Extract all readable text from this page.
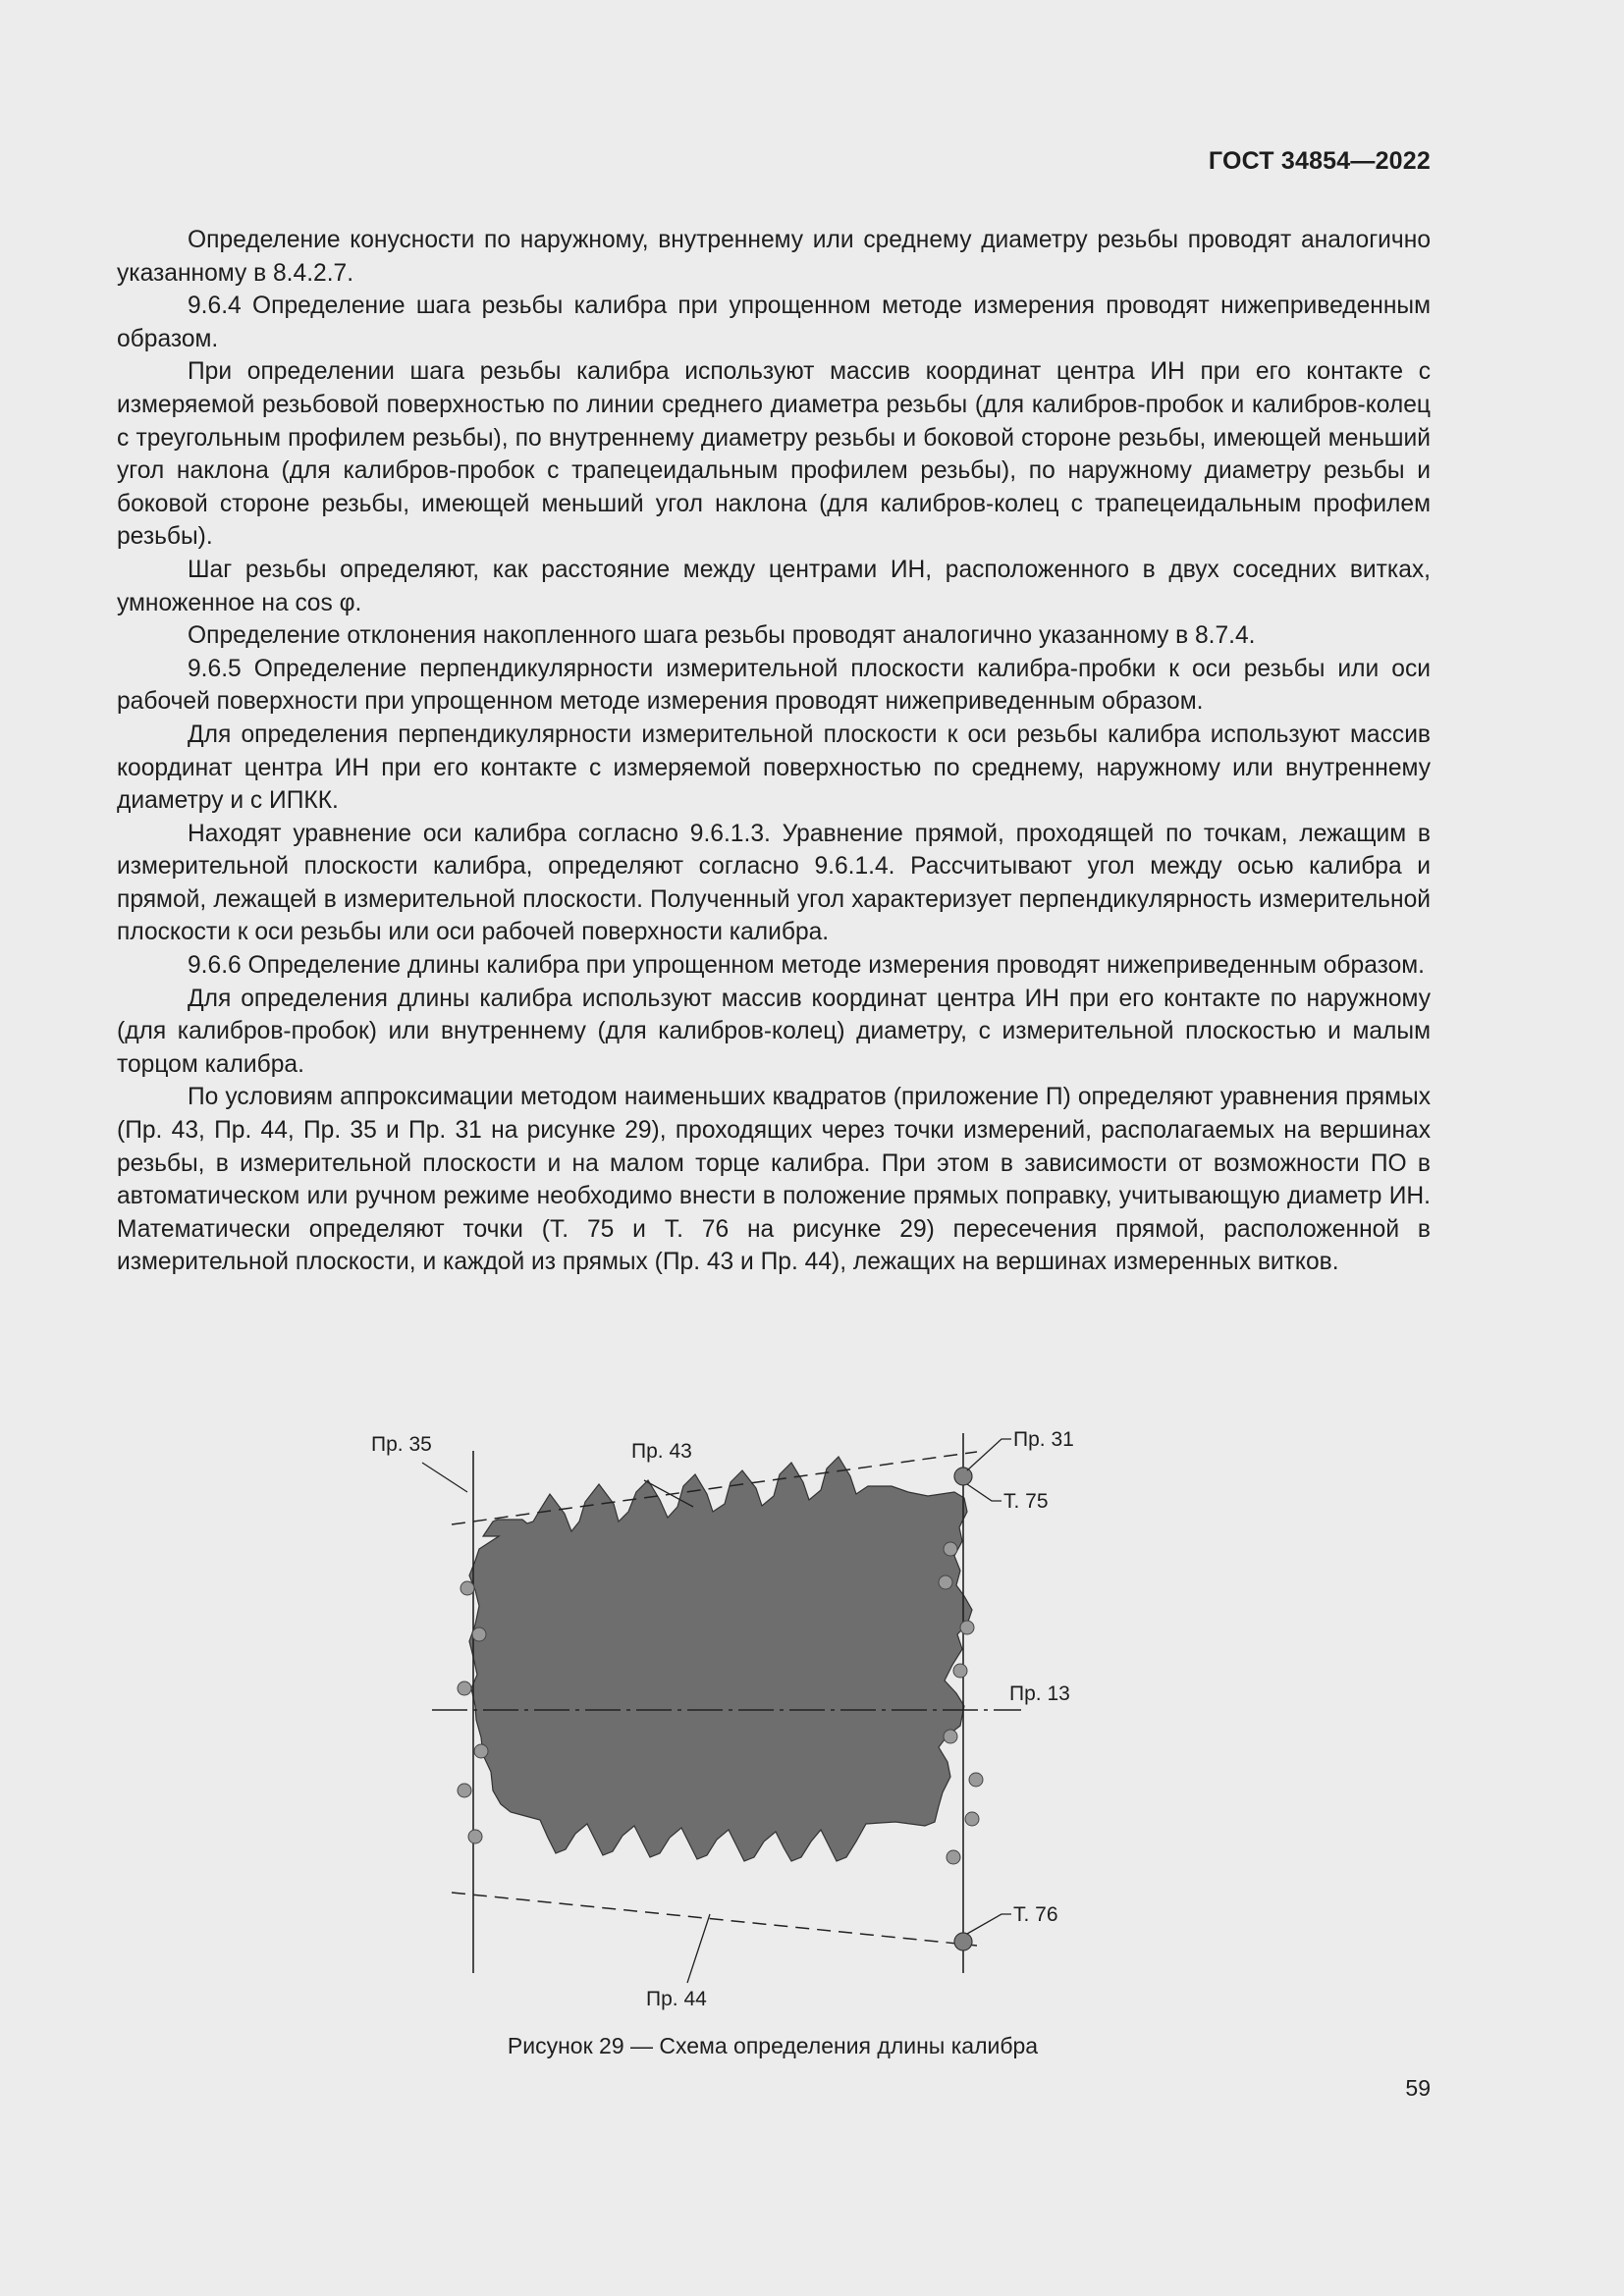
ГОСТ 34854—2022

Определение конусности по наружному, внутреннему или среднему диаметру резьбы проводят аналогично указанному в 8.4.2.7.

9.6.4 Определение шага резьбы калибра при упрощенном методе измерения проводят нижеприведенным образом.

При определении шага резьбы калибра используют массив координат центра ИН при его контакте с измеряемой резьбовой поверхностью по линии среднего диаметра резьбы (для калибров-пробок и калибров-колец с треугольным профилем резьбы), по внутреннему диаметру резьбы и боковой стороне резьбы, имеющей меньший угол наклона (для калибров-пробок с трапецеидальным профилем резьбы), по наружному диаметру резьбы и боковой стороне резьбы, имеющей меньший угол наклона (для калибров-колец с трапецеидальным профилем резьбы).

Шаг резьбы определяют, как расстояние между центрами ИН, расположенного в двух соседних витках, умноженное на cos φ.

Определение отклонения накопленного шага резьбы проводят аналогично указанному в 8.7.4.

9.6.5 Определение перпендикулярности измерительной плоскости калибра-пробки к оси резьбы или оси рабочей поверхности при упрощенном методе измерения проводят нижеприведенным образом.

Для определения перпендикулярности измерительной плоскости к оси резьбы калибра используют массив координат центра ИН при его контакте с измеряемой поверхностью по среднему, наружному или внутреннему диаметру и с ИПКК.

Находят уравнение оси калибра согласно 9.6.1.3. Уравнение прямой, проходящей по точкам, лежащим в измерительной плоскости калибра, определяют согласно 9.6.1.4. Рассчитывают угол между осью калибра и прямой, лежащей в измерительной плоскости. Полученный угол характеризует перпендикулярность измерительной плоскости к оси резьбы или оси рабочей поверхности калибра.

9.6.6 Определение длины калибра при упрощенном методе измерения проводят нижеприведенным образом.

Для определения длины калибра используют массив координат центра ИН при его контакте по наружному (для калибров-пробок) или внутреннему (для калибров-колец) диаметру, с измерительной плоскостью и малым торцом калибра.

По условиям аппроксимации методом наименьших квадратов (приложение П) определяют уравнения прямых (Пр. 43, Пр. 44, Пр. 35 и Пр. 31 на рисунке 29), проходящих через точки измерений, располагаемых на вершинах резьбы, в измерительной плоскости и на малом торце калибра. При этом в зависимости от возможности ПО в автоматическом или ручном режиме необходимо внести в положение прямых поправку, учитывающую диаметр ИН. Математически определяют точки (Т. 75 и Т. 76 на рисунке 29) пересечения прямой, расположенной в измерительной плоскости, и каждой из прямых (Пр. 43 и Пр. 44), лежащих на вершинах измеренных витков.

Пр. 35	Пр. 43
Пр. 31
Т. 75
Пр. 13
Т. 76
Пр. 44
Рисунок 29 — Схема определения длины калибра
59
